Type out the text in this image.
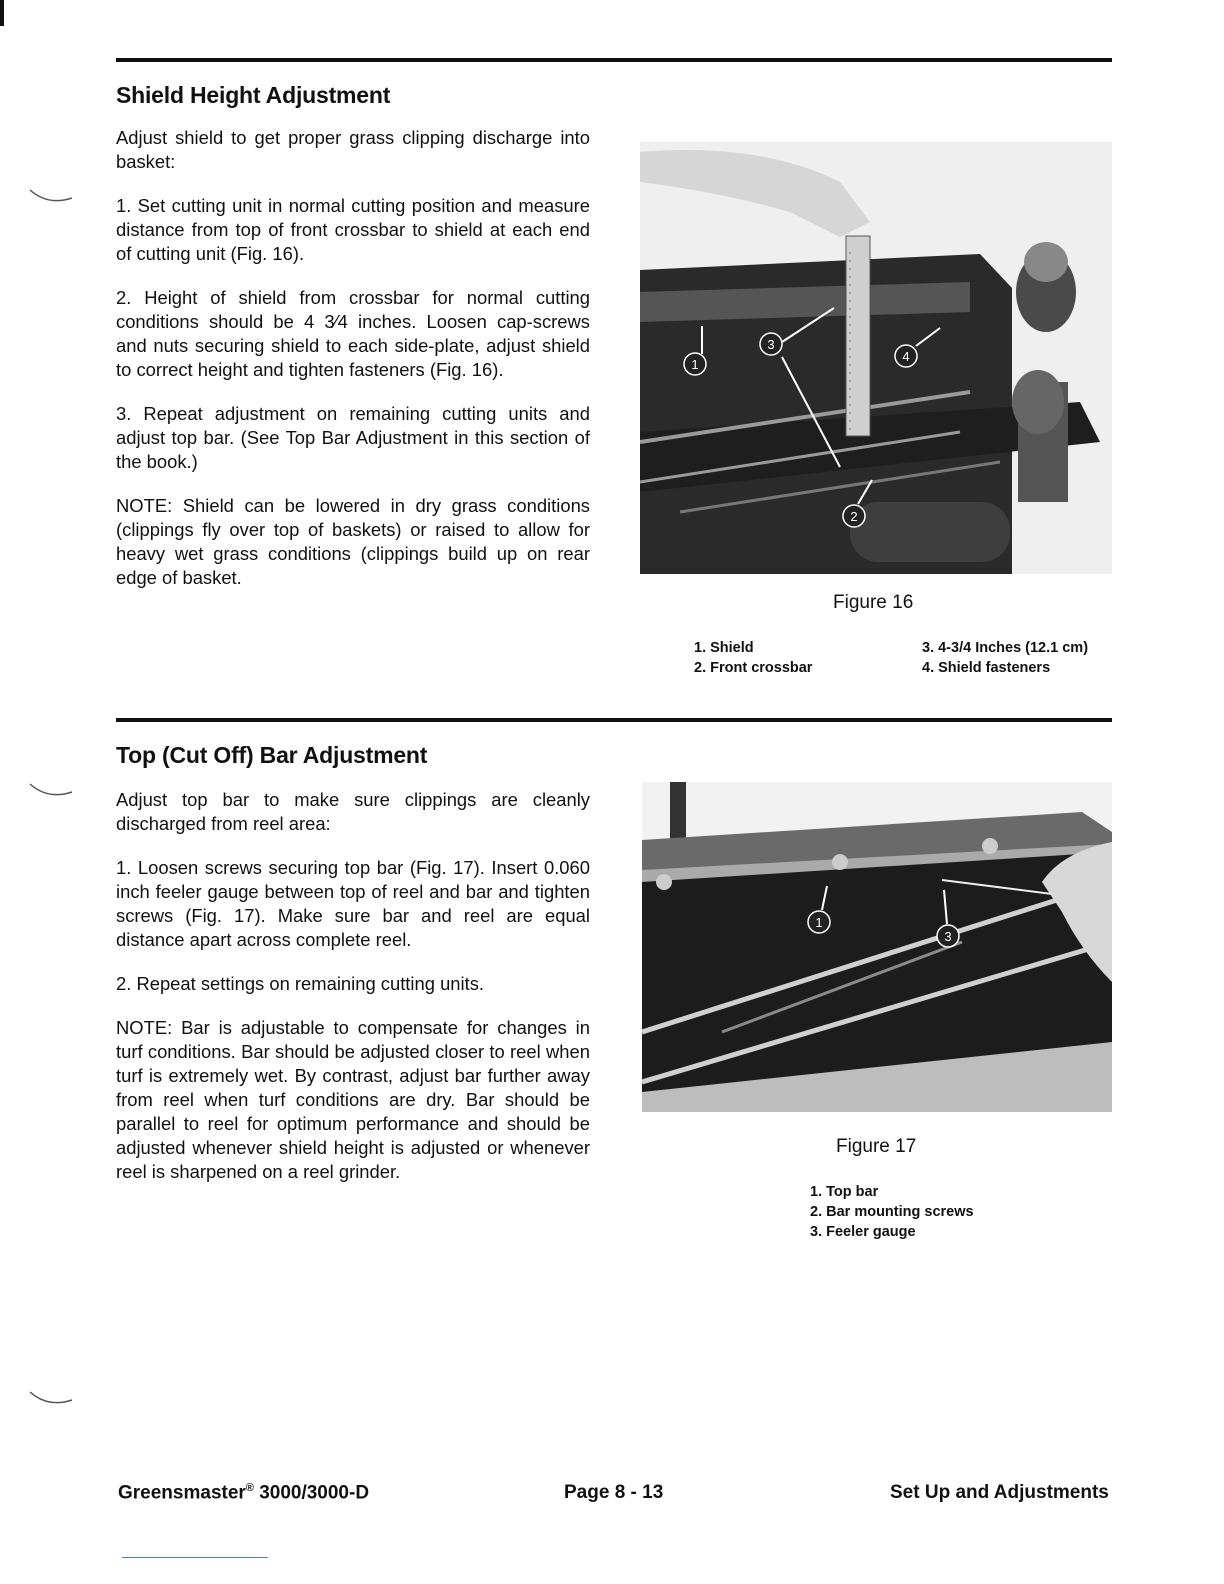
Shield Height Adjustment

Adjust shield to get proper grass clipping discharge into basket:

1. Set cutting unit in normal cutting position and measure distance from top of front crossbar to shield at each end of cutting unit (Fig. 16).

2. Height of shield from crossbar for normal cutting conditions should be 4 3⁄4 inches. Loosen cap-screws and nuts securing shield to each side-plate, adjust shield to correct height and tighten fasteners (Fig. 16).

3. Repeat adjustment on remaining cutting units and adjust top bar. (See Top Bar Adjustment in this section of the book.)

NOTE: Shield can be lowered in dry grass conditions (clippings fly over top of baskets) or raised to allow for heavy wet grass conditions (clippings build up on rear edge of basket.

1
2
3
4
Figure 16
1. Shield
2. Front crossbar
3. 4-3/4 Inches (12.1 cm)
4. Shield fasteners
Top (Cut Off) Bar Adjustment

Adjust top bar to make sure clippings are cleanly discharged from reel area:

1. Loosen screws securing top bar (Fig. 17). Insert 0.060 inch feeler gauge between top of reel and bar and tighten screws (Fig. 17). Make sure bar and reel are equal distance apart across complete reel.

2. Repeat settings on remaining cutting units.

NOTE: Bar is adjustable to compensate for changes in turf conditions. Bar should be adjusted closer to reel when turf is extremely wet. By contrast, adjust bar further away from reel when turf conditions are dry. Bar should be parallel to reel for optimum performance and should be adjusted whenever shield height is adjusted or whenever reel is sharpened on a reel grinder.

1
3
Figure 17
1. Top bar
2. Bar mounting screws
3. Feeler gauge
Greensmaster® 3000/3000-D	Page 8 - 13	Set Up and Adjustments
